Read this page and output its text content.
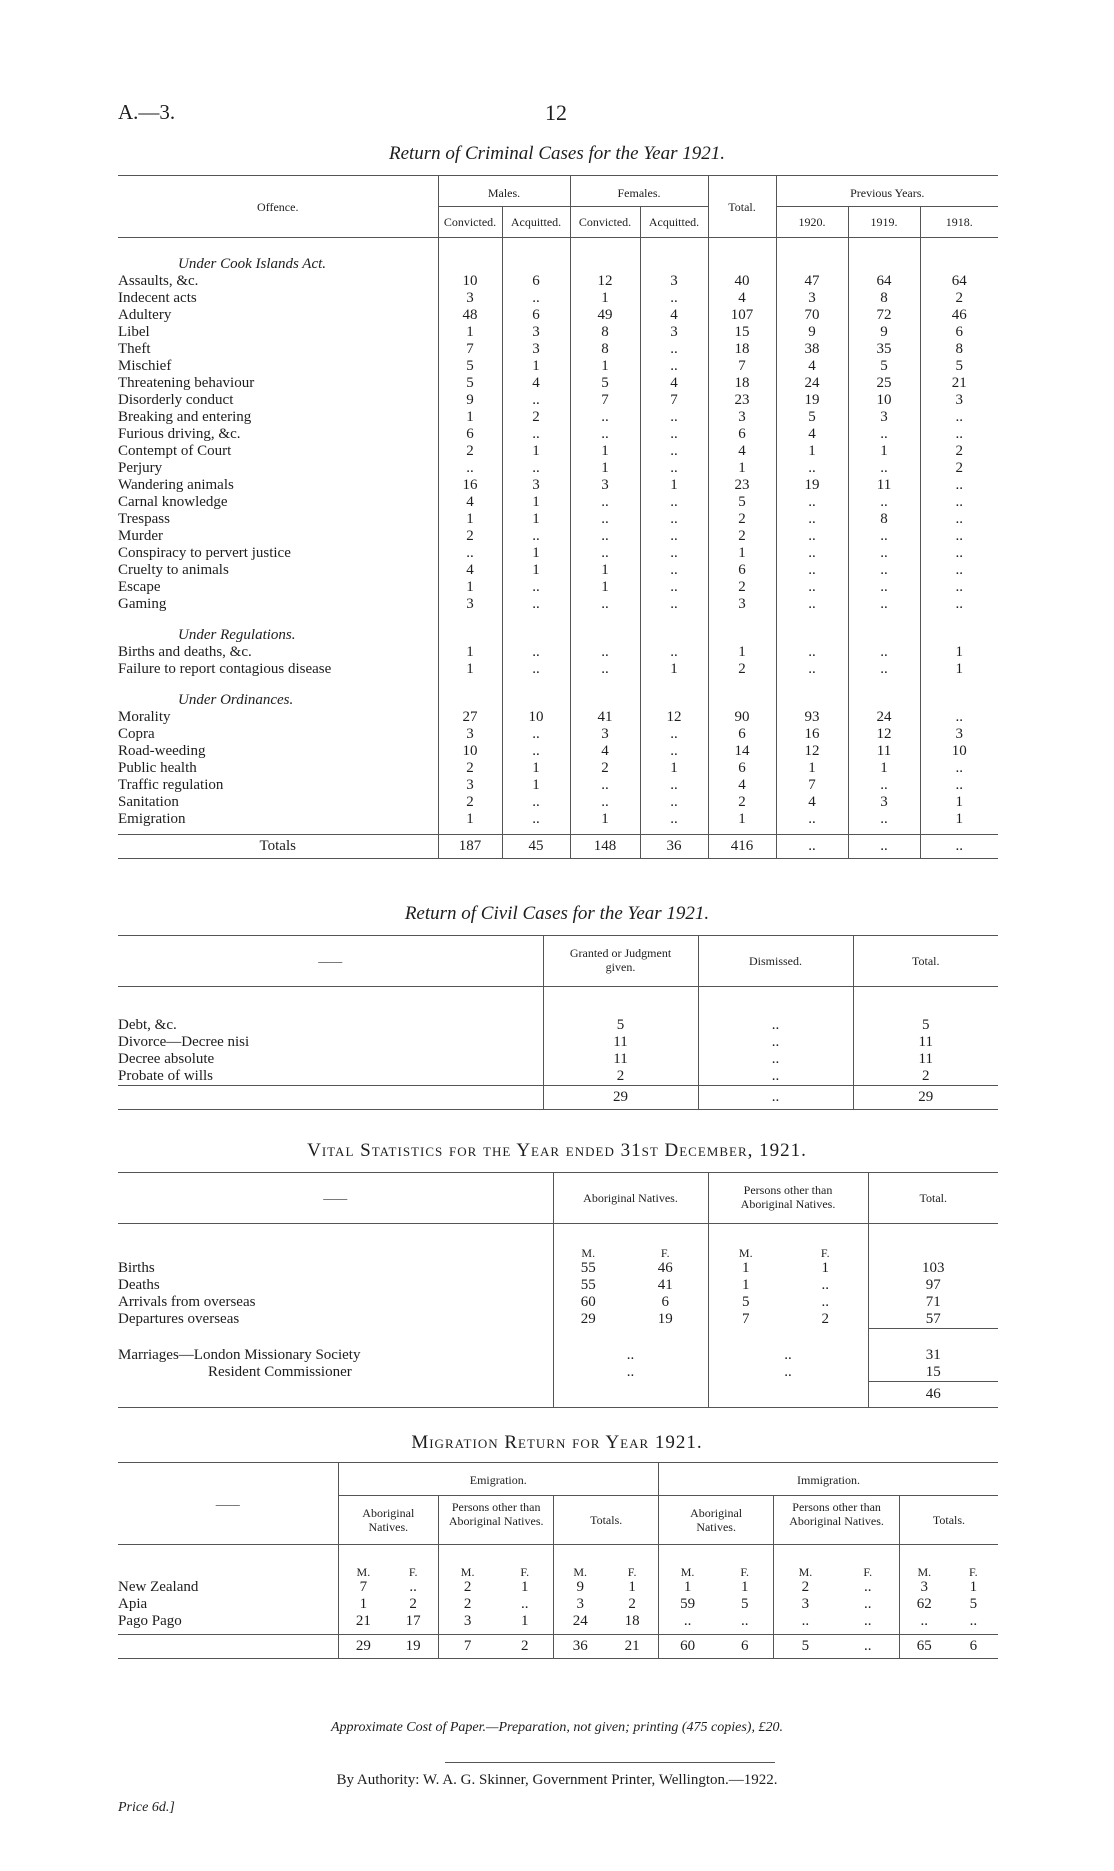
A.—3.	12
Return of Criminal Cases for the Year 1921.
Offence.	Males.		Females.		Total.	Previous Years.		
	Convicted.	Acquitted.	Convicted.	Acquitted.		1920.	1919.	1918.
Under Cook Islands Act.								
Assaults, &c.	10	6	12	3	40	47	64	64
Indecent acts	3	..	1	..	4	3	8	2
Adultery	48	6	49	4	107	70	72	46
Libel	1	3	8	3	15	9	9	6
Theft	7	3	8	..	18	38	35	8
Mischief	5	1	1	..	7	4	5	5
Threatening behaviour	5	4	5	4	18	24	25	21
Disorderly conduct	9	..	7	7	23	19	10	3
Breaking and entering	1	2	..	..	3	5	3	..
Furious driving, &c.	6	..	..	..	6	4	..	..
Contempt of Court	2	1	1	..	4	1	1	2
Perjury	..	..	1	..	1	..	..	2
Wandering animals	16	3	3	1	23	19	11	..
Carnal knowledge	4	1	..	..	5	..	..	..
Trespass	1	1	..	..	2	..	8	..
Murder	2	..	..	..	2	..	..	..
Conspiracy to pervert justice	..	1	..	..	1	..	..	..
Cruelty to animals	4	1	1	..	6	..	..	..
Escape	1	..	1	..	2	..	..	..
Gaming	3	..	..	..	3	..	..	..
Under Regulations.								
Births and deaths, &c.	1	..	..	..	1	..	..	1
Failure to report contagious disease	1	..	..	1	2	..	..	1
Under Ordinances.								
Morality	27	10	41	12	90	93	24	..
Copra	3	..	3	..	6	16	12	3
Road-weeding	10	..	4	..	14	12	11	10
Public health	2	1	2	1	6	1	1	..
Traffic regulation	3	1	..	..	4	7	..	..
Sanitation	2	..	..	..	2	4	3	1
Emigration	1	..	1	..	1	..	..	1

Totals	187	45	148	36	416	..	..	..
Return of Civil Cases for the Year 1921.
——	Granted or Judgment given.	Dismissed.	Total.

Debt, &c.	5	..	5
Divorce—Decree nisi	11	..	11
Decree absolute	11	..	11
Probate of wills	2	..	2
	29	..	29
Vital Statistics for the Year ended 31st December, 1921.
——	Aboriginal Natives.		Persons other than Aboriginal Natives.		Total.
	M.	F.	M.	F.	
Births	55	46	1	1	103
Deaths	55	41	1	..	97
Arrivals from overseas	60	6	5	..	71
Departures overseas	29	19	7	2	57
Marriages—London Missionary Society	..		..		31
Resident Commissioner	..		..		15
					46
Migration Return for Year 1921.
——	Emigration.						Immigration.					
	Aboriginal Natives.		Persons other than Aboriginal Natives.		Totals.		Aboriginal Natives.		Persons other than Aboriginal Natives.		Totals.	
	M.	F.	M.	F.	M.	F.	M.	F.	M.	F.	M.	F.
New Zealand	7	..	2	1	9	1	1	1	2	..	3	1
Apia	1	2	2	..	3	2	59	5	3	..	62	5
Pago Pago	21	17	3	1	24	18	..	..	..	..	..	..

	29	19	7	2	36	21	60	6	5	..	65	6
Approximate Cost of Paper.—Preparation, not given; printing (475 copies), £20.
By Authority: W. A. G. Skinner, Government Printer, Wellington.—1922.
Price 6d.]
